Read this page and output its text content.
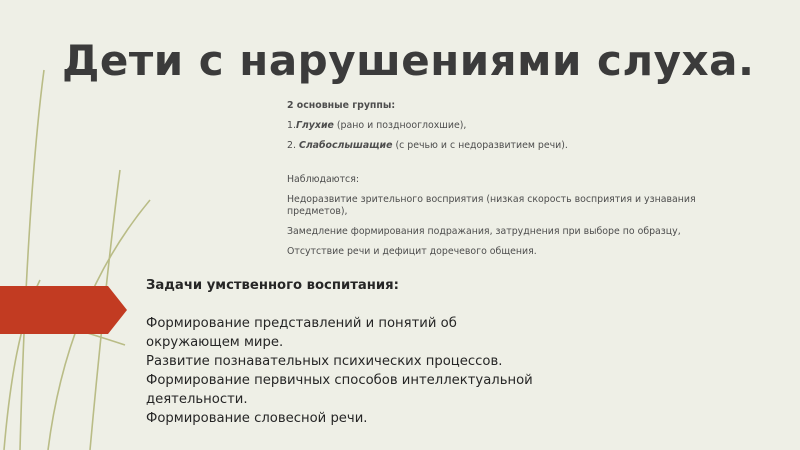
Дети с нарушениями слуха.

2 основные группы:

1.Глухие (рано и позднооглохшие),

2. Слабослышащие (с речью и с недоразвитием речи).

Наблюдаются:

Недоразвитие зрительного восприятия (низкая скорость восприятия и узнавания предметов),

Замедление формирования подражания, затруднения при выборе по образцу,

Отсутствие речи и дефицит доречевого общения.

Задачи умственного воспитания:
Формирование представлений и понятий об
окружающем мире.
Развитие познавательных психических процессов.
Формирование первичных способов интеллектуальной
деятельности.
Формирование словесной речи.
